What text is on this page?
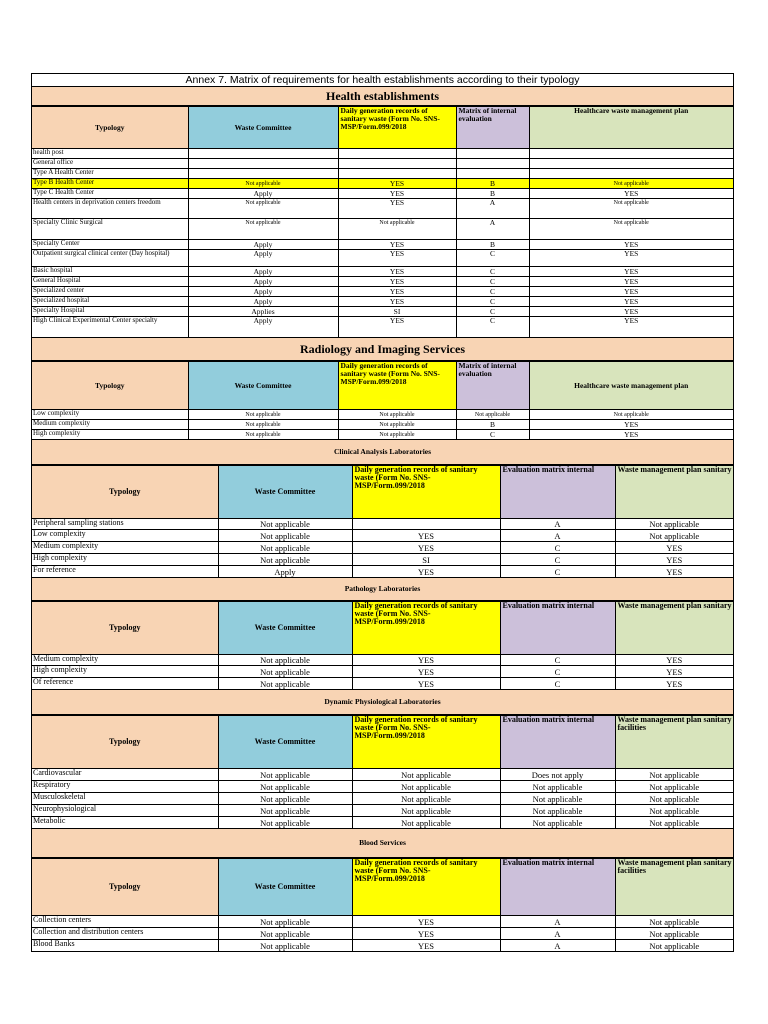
Annex 7. Matrix of requirements for health establishments according to their typology
Health establishments
Typology	Waste Committee	Daily generation records of sanitary waste (Form No. SNS-MSP/Form.099/2018	Matrix of internal evaluation	Healthcare waste management plan
health post				
General office				
Type A Health Center				
Type B Health Center	Not applicable	YES	B	Not applicable
Type C Health Center	Apply	YES	B	YES
Health centers in deprivation centers freedom	Not applicable	YES	A	Not applicable
Specialty Clinic Surgical	Not applicable	Not applicable	A	Not applicable
Specialty Center	Apply	YES	B	YES
Outpatient surgical clinical center (Day hospital)	Apply	YES	C	YES
Basic hospital	Apply	YES	C	YES
General Hospital	Apply	YES	C	YES
Specialized center	Apply	YES	C	YES
Specialized hospital	Apply	YES	C	YES
Specialty Hospital	Applies	SI	C	YES
High Clinical Experimental Center specialty	Apply	YES	C	YES
Radiology and Imaging Services
Typology	Waste Committee	Daily generation records of sanitary waste (Form No. SNS-MSP/Form.099/2018	Matrix of internal evaluation	Healthcare waste management plan
Low complexity	Not applicable	Not applicable	Not applicable	Not applicable
Medium complexity	Not applicable	Not applicable	B	YES
High complexity	Not applicable	Not applicable	C	YES
Clinical Analysis Laboratories
Typology	Waste Committee	Daily generation records of sanitary waste (Form No. SNS-MSP/Form.099/2018	Evaluation matrix internal	Waste management plan sanitary
Peripheral sampling stations	Not applicable		A	Not applicable
Low complexity	Not applicable	YES	A	Not applicable
Medium complexity	Not applicable	YES	C	YES
High complexity	Not applicable	SI	C	YES
For reference	Apply	YES	C	YES
Pathology Laboratories
Typology	Waste Committee	Daily generation records of sanitary waste (Form No. SNS-MSP/Form.099/2018	Evaluation matrix internal	Waste management plan sanitary
Medium complexity	Not applicable	YES	C	YES
High complexity	Not applicable	YES	C	YES
Of reference	Not applicable	YES	C	YES
Dynamic Physiological Laboratories
Typology	Waste Committee	Daily generation records of sanitary waste (Form No. SNS-MSP/Form.099/2018	Evaluation matrix internal	Waste management plan sanitary facilities
Cardiovascular	Not applicable	Not applicable	Does not apply	Not applicable
Respiratory	Not applicable	Not applicable	Not applicable	Not applicable
Musculoskeletal	Not applicable	Not applicable	Not applicable	Not applicable
Neurophysiological	Not applicable	Not applicable	Not applicable	Not applicable
Metabolic	Not applicable	Not applicable	Not applicable	Not applicable
Blood Services
Typology	Waste Committee	Daily generation records of sanitary waste (Form No. SNS-MSP/Form.099/2018	Evaluation matrix internal	Waste management plan sanitary facilities
Collection centers	Not applicable	YES	A	Not applicable
Collection and distribution centers	Not applicable	YES	A	Not applicable
Blood Banks	Not applicable	YES	A	Not applicable
